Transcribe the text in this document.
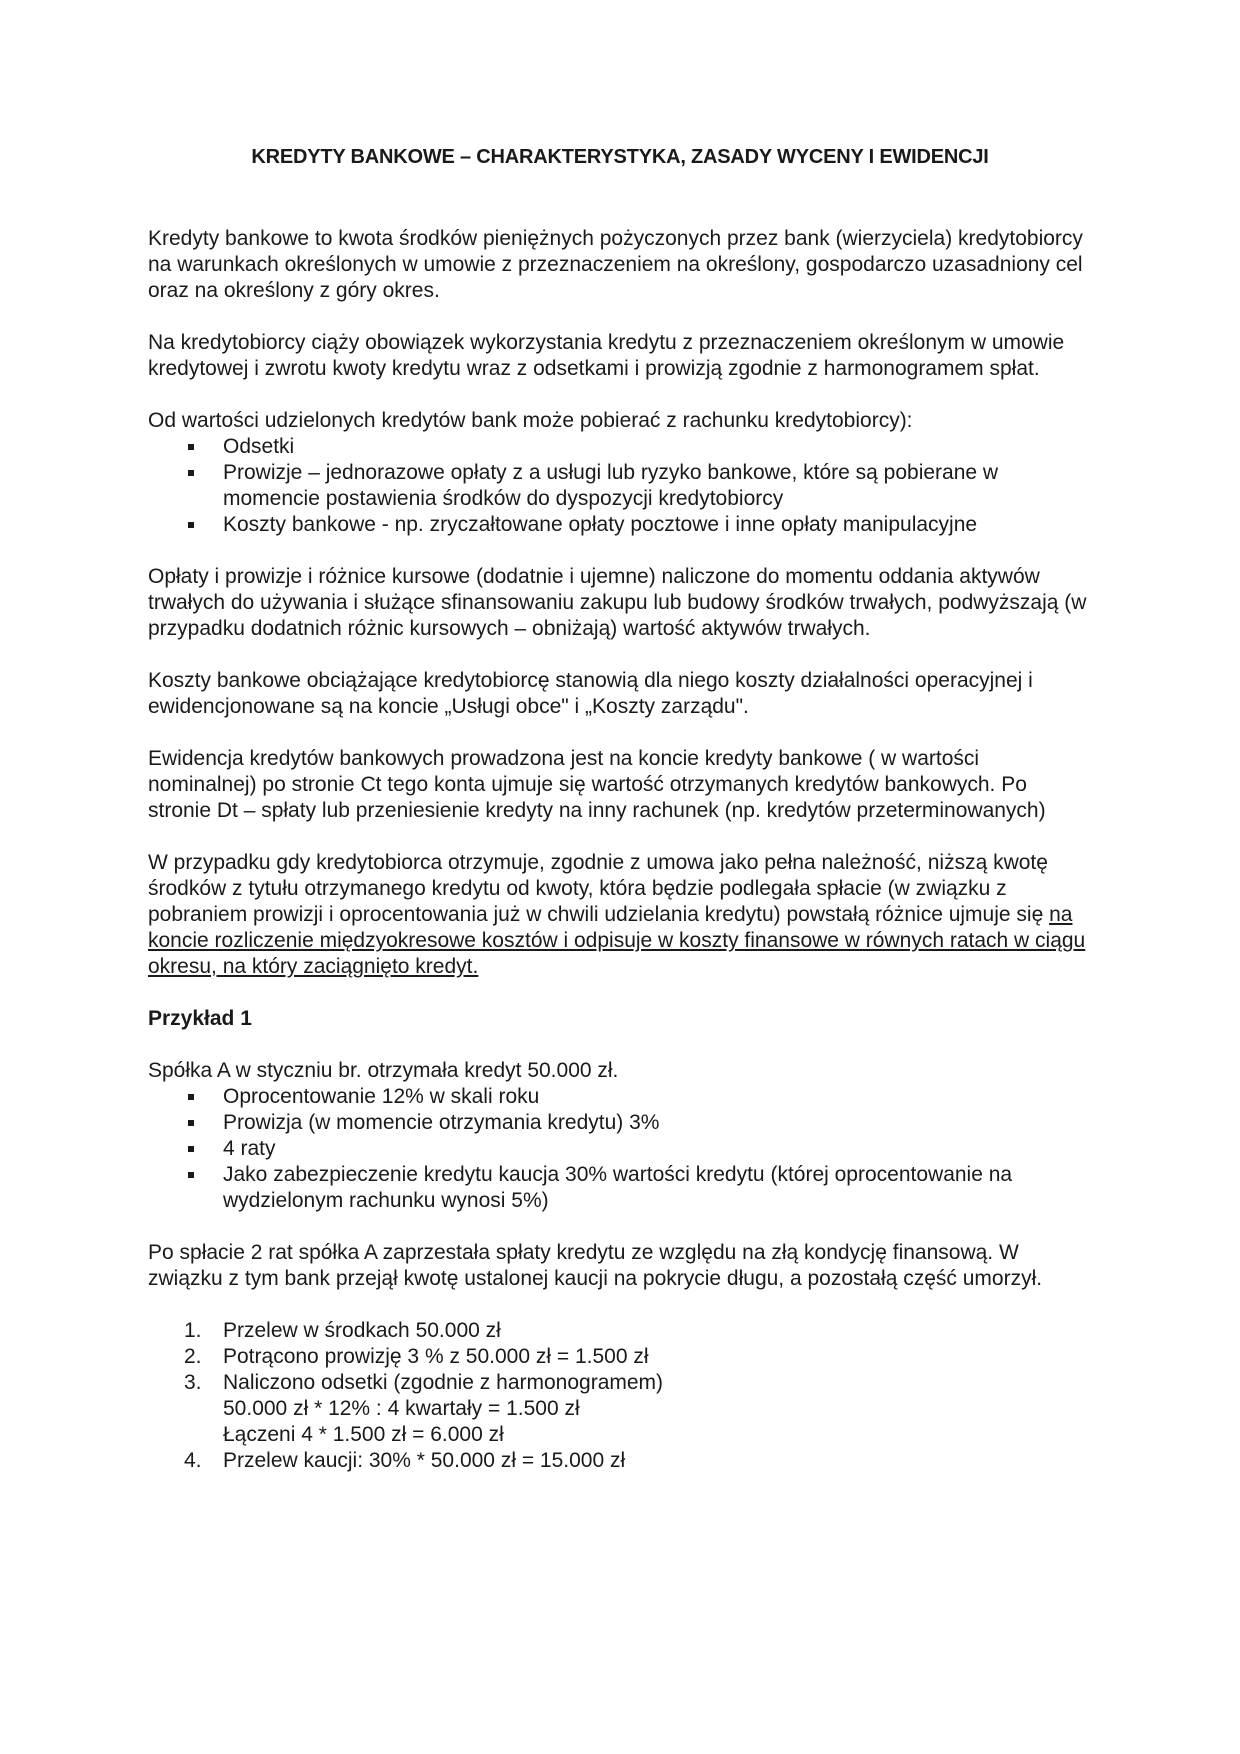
KREDYTY BANKOWE – CHARAKTERYSTYKA, ZASADY WYCENY I EWIDENCJI

Kredyty bankowe to kwota środków pieniężnych pożyczonych przez bank (wierzyciela) kredytobiorcy na warunkach określonych w umowie z przeznaczeniem na określony, gospodarczo uzasadniony cel oraz na określony z góry okres.

Na kredytobiorcy ciąży obowiązek wykorzystania kredytu z przeznaczeniem określonym w umowie kredytowej i zwrotu kwoty kredytu wraz z odsetkami i prowizją zgodnie z harmonogramem spłat.

Od wartości udzielonych kredytów bank może pobierać z rachunku kredytobiorcy):

Odsetki
Prowizje – jednorazowe opłaty z a usługi lub ryzyko bankowe, które są pobierane w momencie postawienia środków do dyspozycji kredytobiorcy
Koszty bankowe - np. zryczałtowane opłaty pocztowe i inne opłaty manipulacyjne

Opłaty i prowizje i różnice kursowe (dodatnie i ujemne) naliczone do momentu oddania aktywów trwałych do używania i służące sfinansowaniu zakupu lub budowy środków trwałych, podwyższają (w przypadku dodatnich różnic kursowych – obniżają) wartość aktywów trwałych.

Koszty bankowe obciążające kredytobiorcę stanowią dla niego koszty działalności operacyjnej i ewidencjonowane są na koncie „Usługi obce" i „Koszty zarządu".

Ewidencja kredytów bankowych prowadzona jest na koncie kredyty bankowe ( w wartości nominalnej) po stronie Ct tego konta ujmuje się wartość otrzymanych kredytów bankowych. Po stronie Dt – spłaty lub przeniesienie kredyty na inny rachunek (np. kredytów przeterminowanych)

W przypadku gdy kredytobiorca otrzymuje, zgodnie z umowa jako pełna należność, niższą kwotę środków z tytułu otrzymanego kredytu od kwoty, która będzie podlegała spłacie (w związku z pobraniem prowizji i oprocentowania już w chwili udzielania kredytu) powstałą różnice ujmuje się na koncie rozliczenie międzyokresowe kosztów i odpisuje w koszty finansowe w równych ratach w ciągu okresu, na który zaciągnięto kredyt.

Przykład 1

Spółka A w styczniu br. otrzymała kredyt 50.000 zł.

Oprocentowanie 12% w skali roku
Prowizja (w momencie otrzymania kredytu) 3%
4 raty
Jako zabezpieczenie kredytu kaucja 30% wartości kredytu (której oprocentowanie na wydzielonym rachunku wynosi 5%)

Po spłacie 2 rat spółka A zaprzestała spłaty kredytu ze względu na złą kondycję finansową. W związku z tym bank przejął kwotę ustalonej kaucji na pokrycie długu, a pozostałą część umorzył.

1. Przelew w środkach 50.000 zł
2. Potrącono prowizję 3 % z 50.000 zł = 1.500 zł
3. Naliczono odsetki (zgodnie z harmonogramem)
50.000 zł * 12% : 4 kwartały = 1.500 zł
Łączeni 4 * 1.500 zł = 6.000 zł
4. Przelew kaucji: 30% * 50.000 zł = 15.000 zł
